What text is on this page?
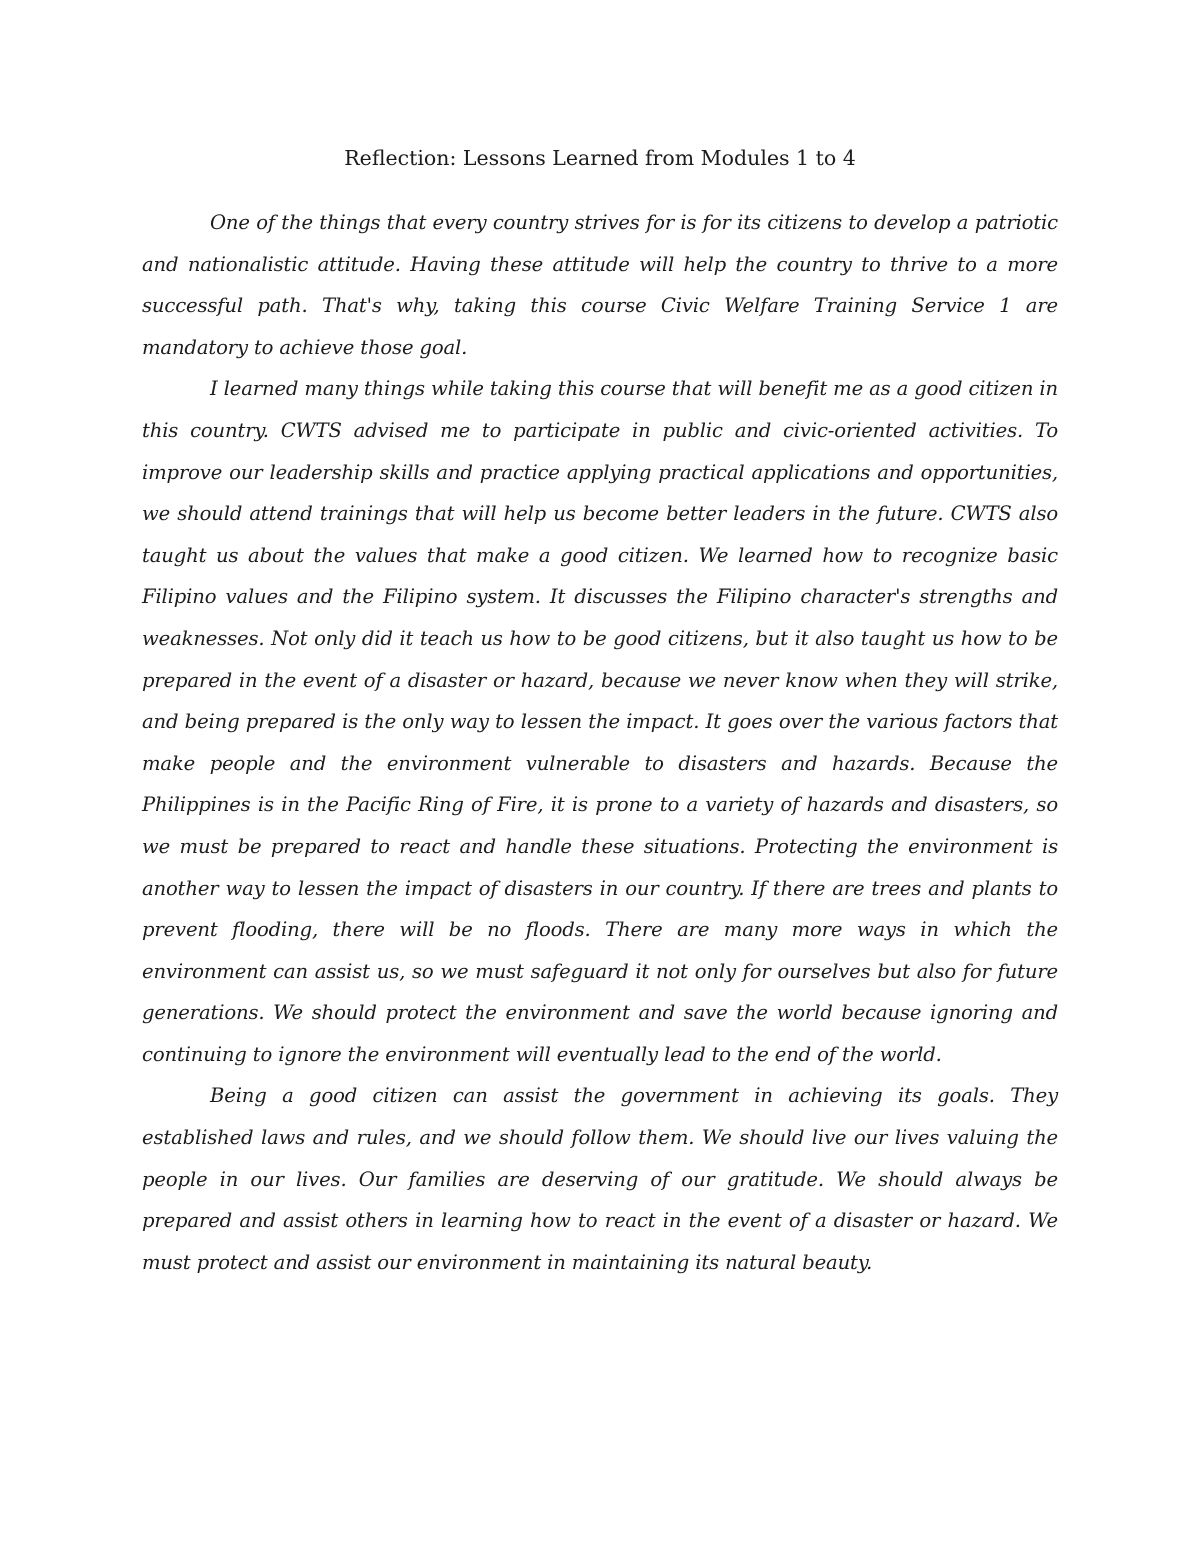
Reflection: Lessons Learned from Modules 1 to 4

One of the things that every country strives for is for its citizens to develop a patriotic and nationalistic attitude. Having these attitude will help the country to thrive to a more successful path. That's why, taking this course Civic Welfare Training Service 1 are mandatory to achieve those goal.

I learned many things while taking this course that will benefit me as a good citizen in this country. CWTS advised me to participate in public and civic-oriented activities. To improve our leadership skills and practice applying practical applications and opportunities, we should attend trainings that will help us become better leaders in the future. CWTS also taught us about the values that make a good citizen. We learned how to recognize basic Filipino values and the Filipino system. It discusses the Filipino character's strengths and weaknesses. Not only did it teach us how to be good citizens, but it also taught us how to be prepared in the event of a disaster or hazard, because we never know when they will strike, and being prepared is the only way to lessen the impact. It goes over the various factors that make people and the environment vulnerable to disasters and hazards. Because the Philippines is in the Pacific Ring of Fire, it is prone to a variety of hazards and disasters, so we must be prepared to react and handle these situations. Protecting the environment is another way to lessen the impact of disasters in our country. If there are trees and plants to prevent flooding, there will be no floods. There are many more ways in which the environment can assist us, so we must safeguard it not only for ourselves but also for future generations. We should protect the environment and save the world because ignoring and continuing to ignore the environment will eventually lead to the end of the world.

Being a good citizen can assist the government in achieving its goals. They established laws and rules, and we should follow them. We should live our lives valuing the people in our lives. Our families are deserving of our gratitude. We should always be prepared and assist others in learning how to react in the event of a disaster or hazard. We must protect and assist our environment in maintaining its natural beauty.
